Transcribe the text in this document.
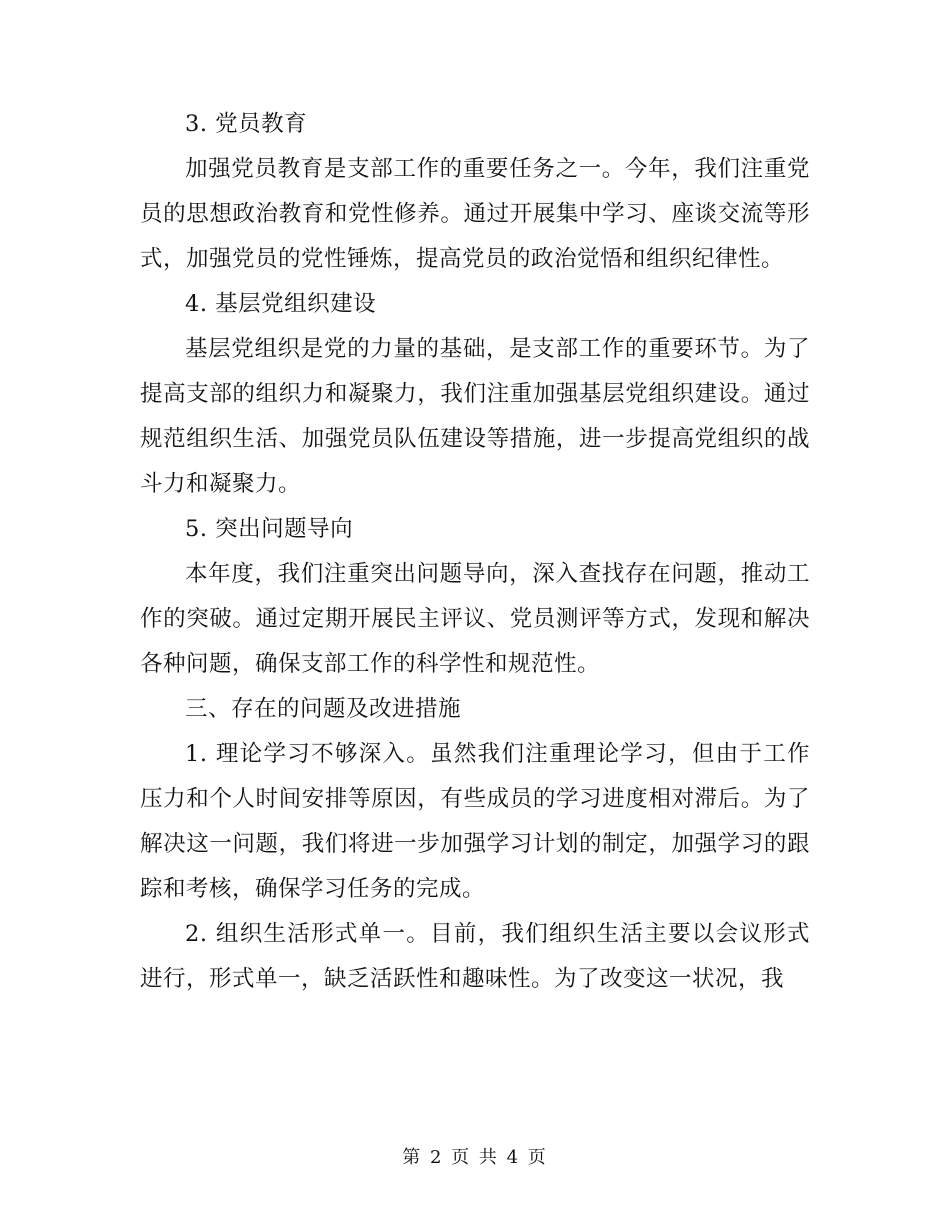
3. 党员教育

加强党员教育是支部工作的重要任务之一。今年，我们注重党员的思想政治教育和党性修养。通过开展集中学习、座谈交流等形式，加强党员的党性锤炼，提高党员的政治觉悟和组织纪律性。

4. 基层党组织建设

基层党组织是党的力量的基础，是支部工作的重要环节。为了提高支部的组织力和凝聚力，我们注重加强基层党组织建设。通过规范组织生活、加强党员队伍建设等措施，进一步提高党组织的战斗力和凝聚力。

5. 突出问题导向

本年度，我们注重突出问题导向，深入查找存在问题，推动工作的突破。通过定期开展民主评议、党员测评等方式，发现和解决各种问题，确保支部工作的科学性和规范性。

三、存在的问题及改进措施

1. 理论学习不够深入。虽然我们注重理论学习，但由于工作压力和个人时间安排等原因，有些成员的学习进度相对滞后。为了解决这一问题，我们将进一步加强学习计划的制定，加强学习的跟踪和考核，确保学习任务的完成。

2. 组织生活形式单一。目前，我们组织生活主要以会议形式进行，形式单一，缺乏活跃性和趣味性。为了改变这一状况，我

第 2 页 共 4 页
